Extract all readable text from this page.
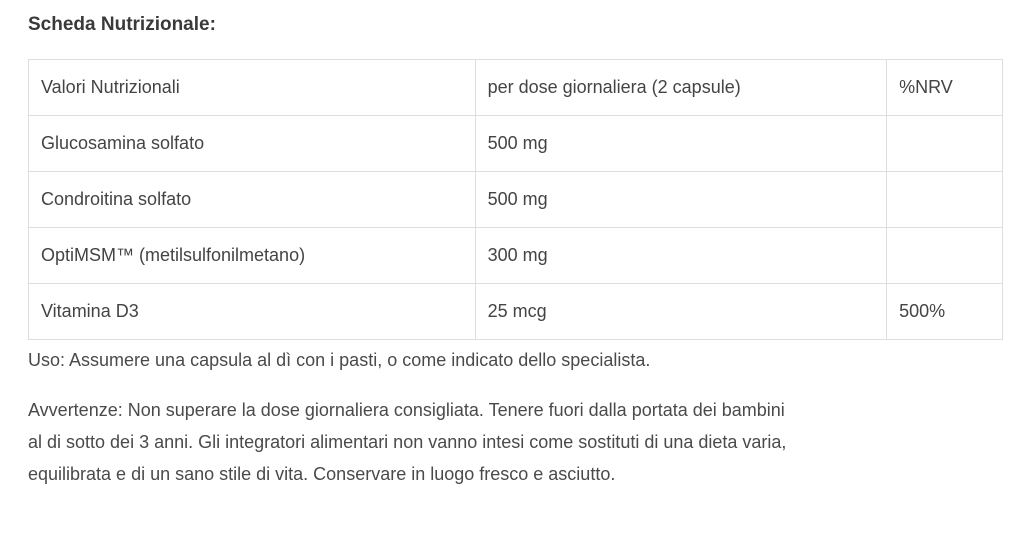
Scheda Nutrizionale:
Valori Nutrizionali	per dose giornaliera (2 capsule)	%NRV
Glucosamina solfato	500 mg	
Condroitina solfato	500 mg	
OptiMSM™ (metilsulfonilmetano)	300 mg	
Vitamina D3	25 mcg	500%

Uso: Assumere una capsula al dì con i pasti, o come indicato dello specialista.

Avvertenze: Non superare la dose giornaliera consigliata. Tenere fuori dalla portata dei bambini al di sotto dei 3 anni. Gli integratori alimentari non vanno intesi come sostituti di una dieta varia, equilibrata e di un sano stile di vita. Conservare in luogo fresco e asciutto.
